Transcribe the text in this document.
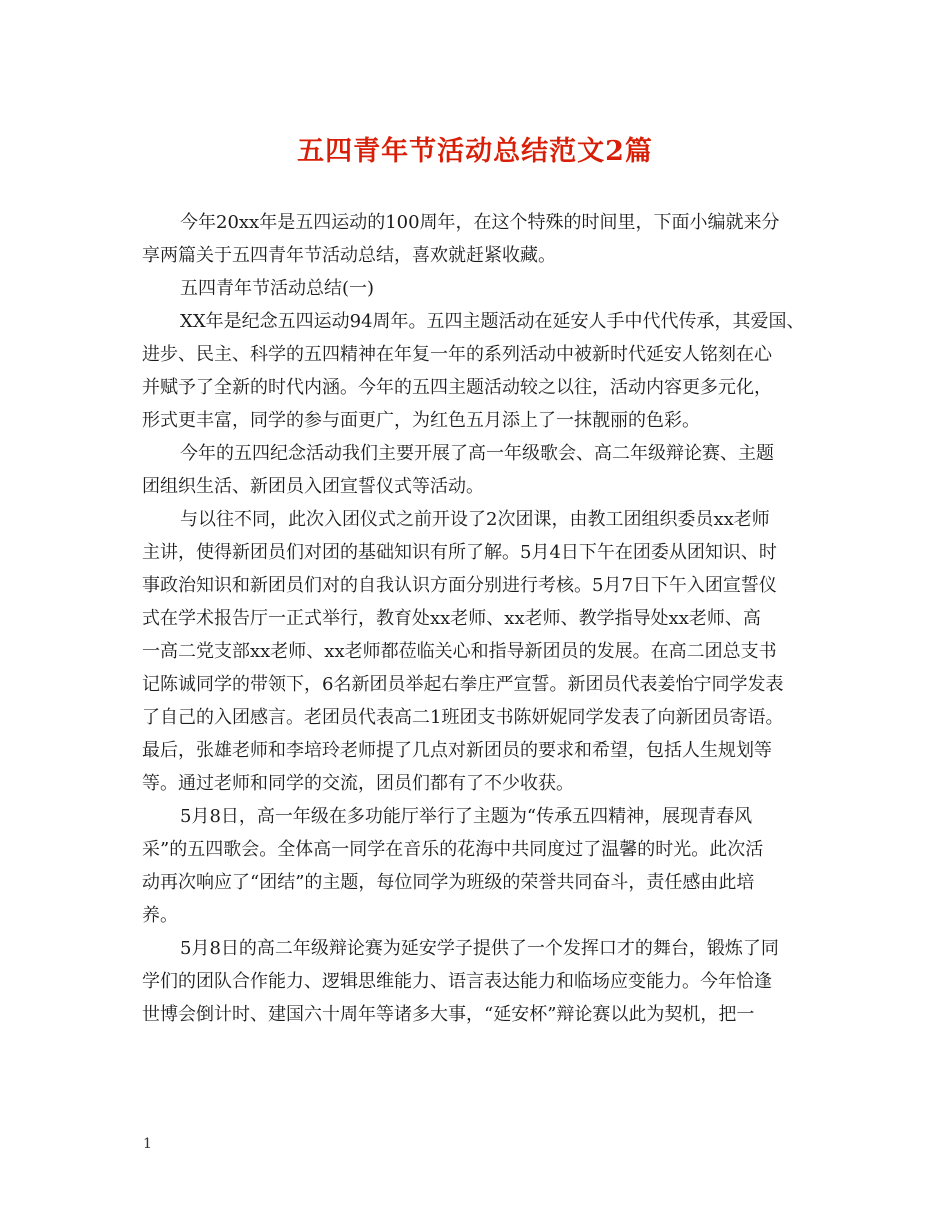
五四青年节活动总结范文2篇

今年20xx年是五四运动的100周年，在这个特殊的时间里，下面小编就来分

享两篇关于五四青年节活动总结，喜欢就赶紧收藏。

五四青年节活动总结(一)

XX年是纪念五四运动94周年。五四主题活动在延安人手中代代传承，其爱国、

进步、民主、科学的五四精神在年复一年的系列活动中被新时代延安人铭刻在心

并赋予了全新的时代内涵。今年的五四主题活动较之以往，活动内容更多元化，

形式更丰富，同学的参与面更广，为红色五月添上了一抹靓丽的色彩。

今年的五四纪念活动我们主要开展了高一年级歌会、高二年级辩论赛、主题

团组织生活、新团员入团宣誓仪式等活动。

与以往不同，此次入团仪式之前开设了2次团课，由教工团组织委员xx老师

主讲，使得新团员们对团的基础知识有所了解。5月4日下午在团委从团知识、时

事政治知识和新团员们对的自我认识方面分别进行考核。5月7日下午入团宣誓仪

式在学术报告厅一正式举行，教育处xx老师、xx老师、教学指导处xx老师、高

一高二党支部xx老师、xx老师都莅临关心和指导新团员的发展。在高二团总支书

记陈诚同学的带领下，6名新团员举起右拳庄严宣誓。新团员代表姜怡宁同学发表

了自己的入团感言。老团员代表高二1班团支书陈妍妮同学发表了向新团员寄语。

最后，张雄老师和李培玲老师提了几点对新团员的要求和希望，包括人生规划等

等。通过老师和同学的交流，团员们都有了不少收获。

5月8日，高一年级在多功能厅举行了主题为“传承五四精神，展现青春风

采”的五四歌会。全体高一同学在音乐的花海中共同度过了温馨的时光。此次活

动再次响应了“团结”的主题，每位同学为班级的荣誉共同奋斗，责任感由此培

养。

5月8日的高二年级辩论赛为延安学子提供了一个发挥口才的舞台，锻炼了同

学们的团队合作能力、逻辑思维能力、语言表达能力和临场应变能力。今年恰逢

世博会倒计时、建国六十周年等诸多大事，“延安杯”辩论赛以此为契机，把一

1
